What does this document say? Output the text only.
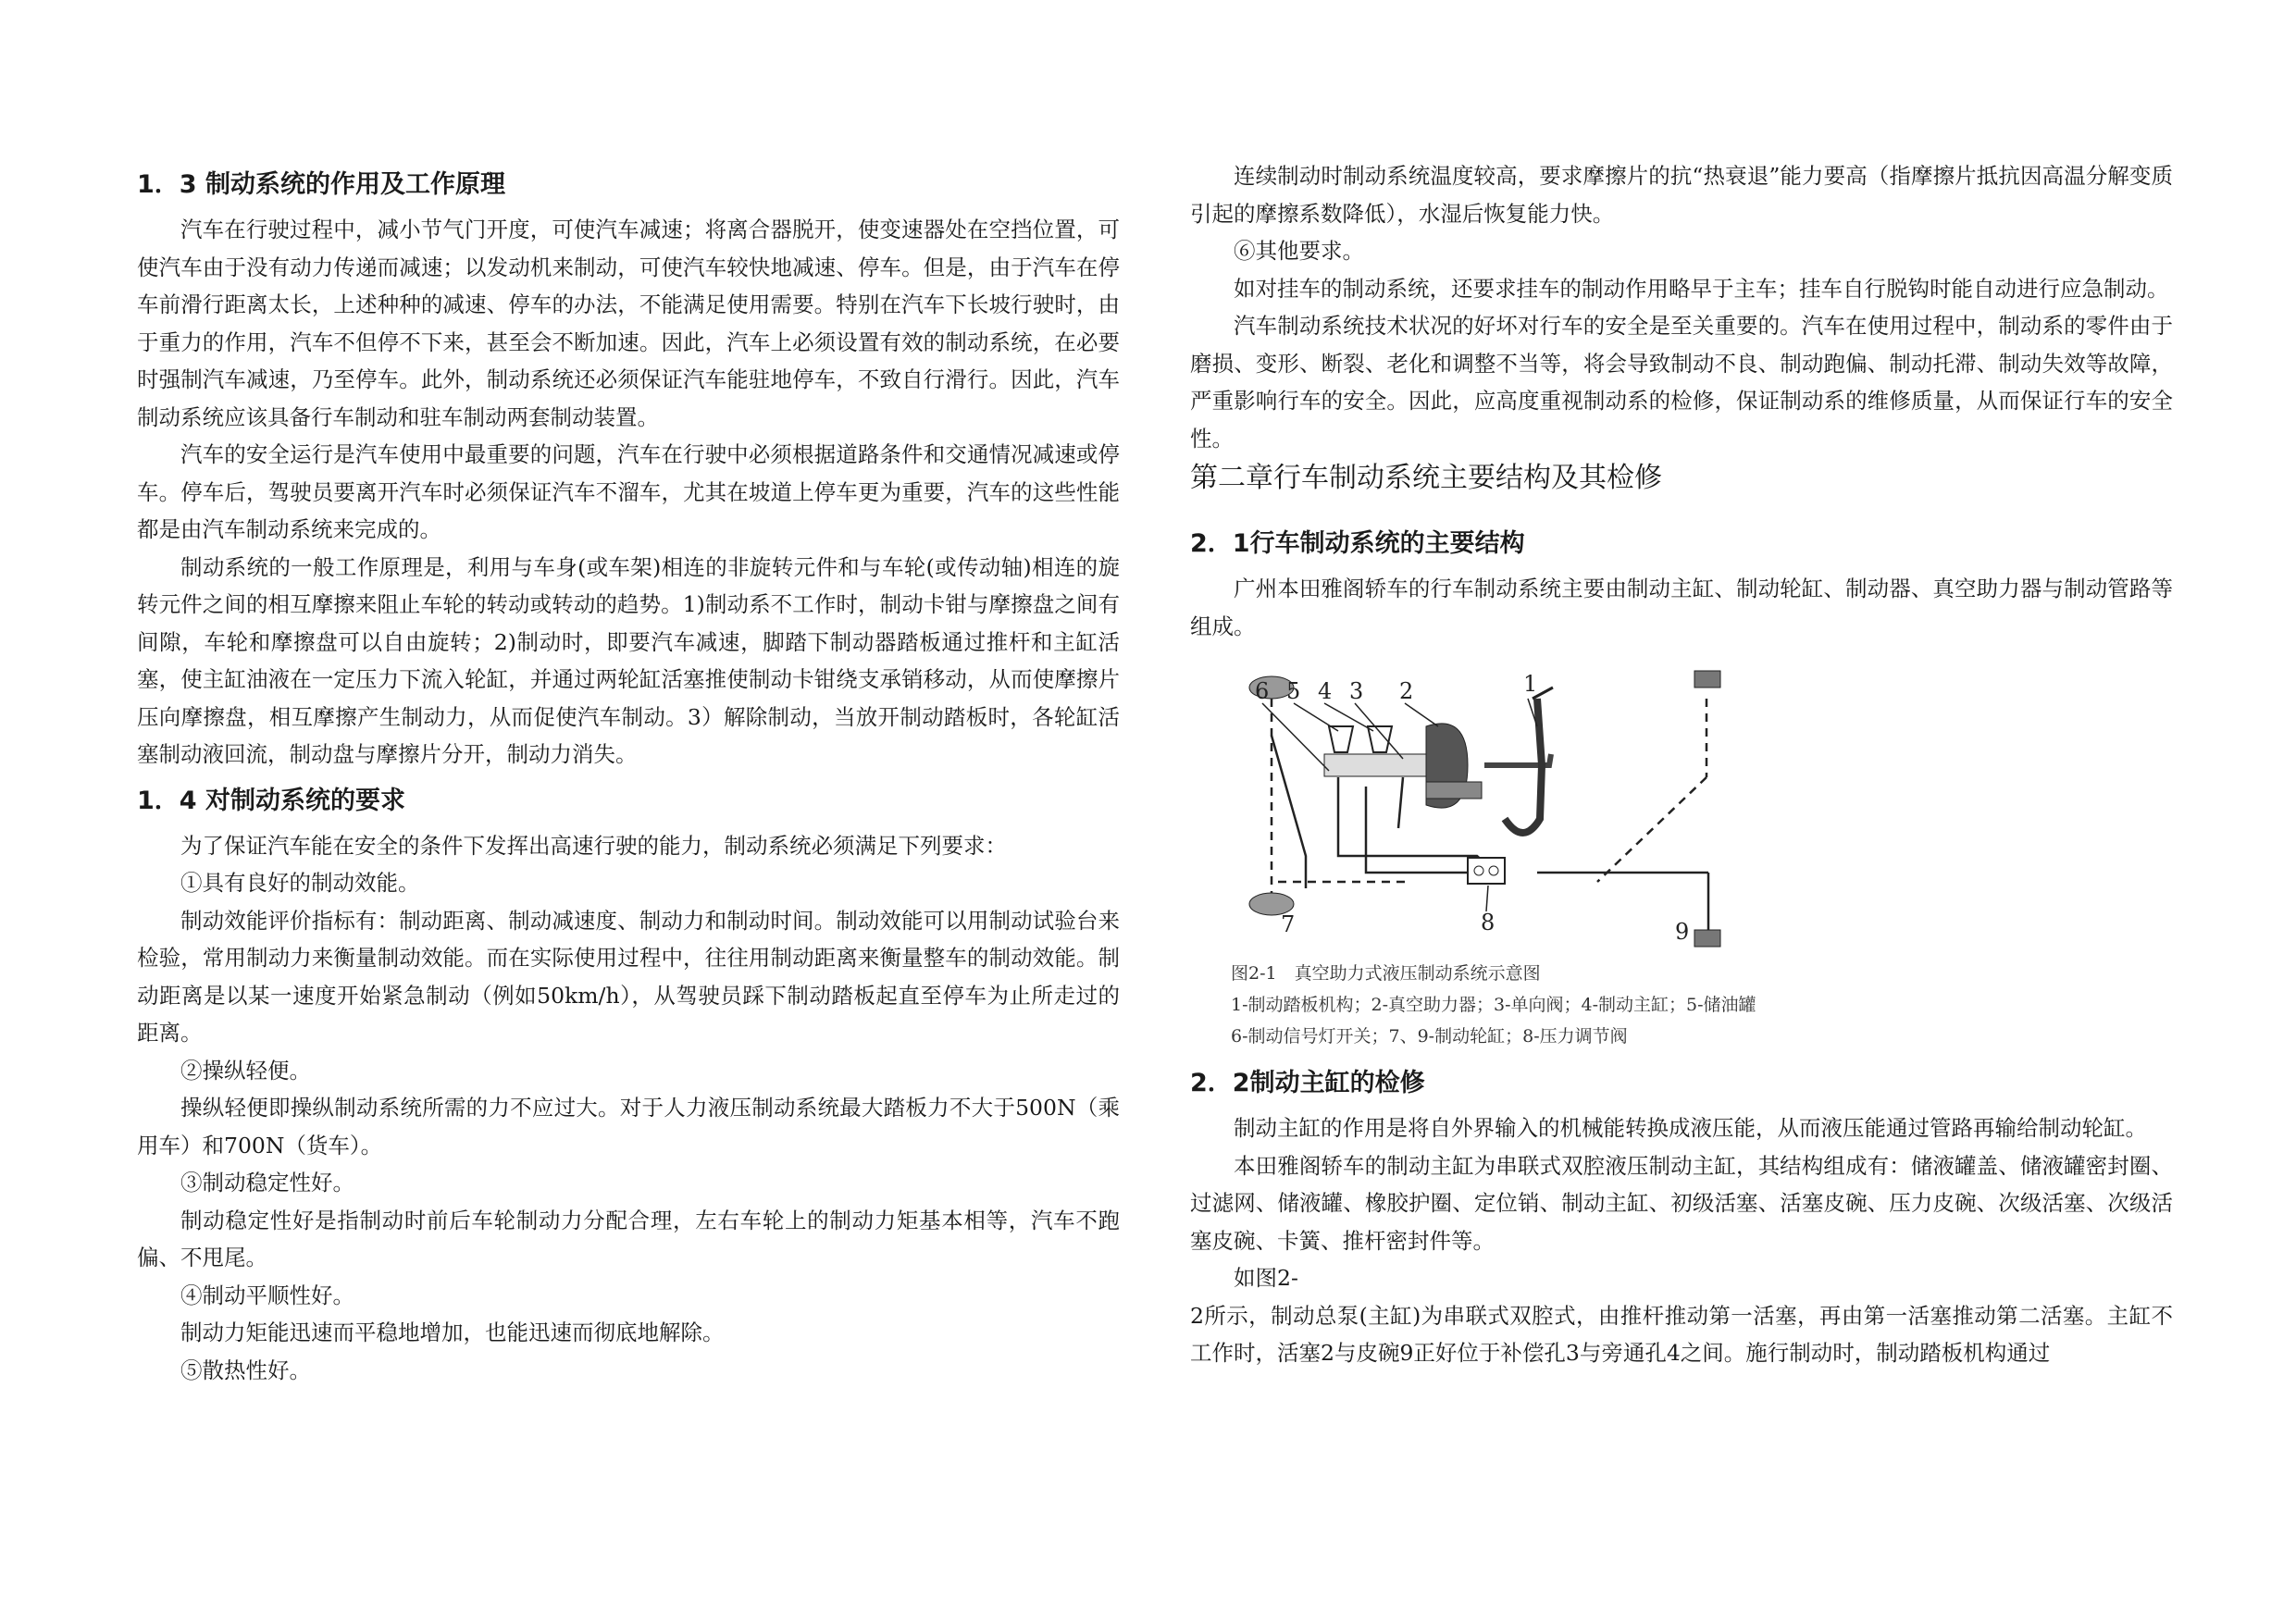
1．3 制动系统的作用及工作原理

汽车在行驶过程中，减小节气门开度，可使汽车减速；将离合器脱开，使变速器处在空挡位置，可使汽车由于没有动力传递而减速；以发动机来制动，可使汽车较快地减速、停车。但是，由于汽车在停车前滑行距离太长，上述种种的减速、停车的办法，不能满足使用需要。特别在汽车下长坡行驶时，由于重力的作用，汽车不但停不下来，甚至会不断加速。因此，汽车上必须设置有效的制动系统，在必要时强制汽车减速，乃至停车。此外，制动系统还必须保证汽车能驻地停车，不致自行滑行。因此，汽车制动系统应该具备行车制动和驻车制动两套制动装置。

汽车的安全运行是汽车使用中最重要的问题，汽车在行驶中必须根据道路条件和交通情况减速或停车。停车后，驾驶员要离开汽车时必须保证汽车不溜车，尤其在坡道上停车更为重要，汽车的这些性能都是由汽车制动系统来完成的。

制动系统的一般工作原理是，利用与车身(或车架)相连的非旋转元件和与车轮(或传动轴)相连的旋转元件之间的相互摩擦来阻止车轮的转动或转动的趋势。1)制动系不工作时，制动卡钳与摩擦盘之间有间隙，车轮和摩擦盘可以自由旋转；2)制动时，即要汽车减速，脚踏下制动器踏板通过推杆和主缸活塞，使主缸油液在一定压力下流入轮缸，并通过两轮缸活塞推使制动卡钳绕支承销移动，从而使摩擦片压向摩擦盘，相互摩擦产生制动力，从而促使汽车制动。3）解除制动，当放开制动踏板时，各轮缸活塞制动液回流，制动盘与摩擦片分开，制动力消失。

1．4 对制动系统的要求

为了保证汽车能在安全的条件下发挥出高速行驶的能力，制动系统必须满足下列要求：

①具有良好的制动效能。

制动效能评价指标有：制动距离、制动减速度、制动力和制动时间。制动效能可以用制动试验台来检验，常用制动力来衡量制动效能。而在实际使用过程中，往往用制动距离来衡量整车的制动效能。制动距离是以某一速度开始紧急制动（例如50km/h），从驾驶员踩下制动踏板起直至停车为止所走过的距离。

②操纵轻便。

操纵轻便即操纵制动系统所需的力不应过大。对于人力液压制动系统最大踏板力不大于500N（乘用车）和700N（货车）。

③制动稳定性好。

制动稳定性好是指制动时前后车轮制动力分配合理，左右车轮上的制动力矩基本相等，汽车不跑偏、不甩尾。

④制动平顺性好。

制动力矩能迅速而平稳地增加，也能迅速而彻底地解除。

⑤散热性好。

连续制动时制动系统温度较高，要求摩擦片的抗“热衰退”能力要高（指摩擦片抵抗因高温分解变质引起的摩擦系数降低），水湿后恢复能力快。

⑥其他要求。

如对挂车的制动系统，还要求挂车的制动作用略早于主车；挂车自行脱钩时能自动进行应急制动。

汽车制动系统技术状况的好坏对行车的安全是至关重要的。汽车在使用过程中，制动系的零件由于磨损、变形、断裂、老化和调整不当等，将会导致制动不良、制动跑偏、制动托滞、制动失效等故障，严重影响行车的安全。因此，应高度重视制动系的检修，保证制动系的维修质量，从而保证行车的安全性。

第二章行车制动系统主要结构及其检修
2．1行车制动系统的主要结构

广州本田雅阁轿车的行车制动系统主要由制动主缸、制动轮缸、制动器、真空助力器与制动管路等组成。

6 5 4 3 2	1
7	8	9

图2-1　真空助力式液压制动系统示意图

1-制动踏板机构；2-真空助力器；3-单向阀；4-制动主缸；5-储油罐

6-制动信号灯开关；7、9-制动轮缸；8-压力调节阀

2．2制动主缸的检修

制动主缸的作用是将自外界输入的机械能转换成液压能，从而液压能通过管路再输给制动轮缸。

本田雅阁轿车的制动主缸为串联式双腔液压制动主缸，其结构组成有：储液罐盖、储液罐密封圈、过滤网、储液罐、橡胶护圈、定位销、制动主缸、初级活塞、活塞皮碗、压力皮碗、次级活塞、次级活塞皮碗、卡簧、推杆密封件等。

如图2-

2所示，制动总泵(主缸)为串联式双腔式，由推杆推动第一活塞，再由第一活塞推动第二活塞。主缸不工作时，活塞2与皮碗9正好位于补偿孔3与旁通孔4之间。施行制动时，制动踏板机构通过
